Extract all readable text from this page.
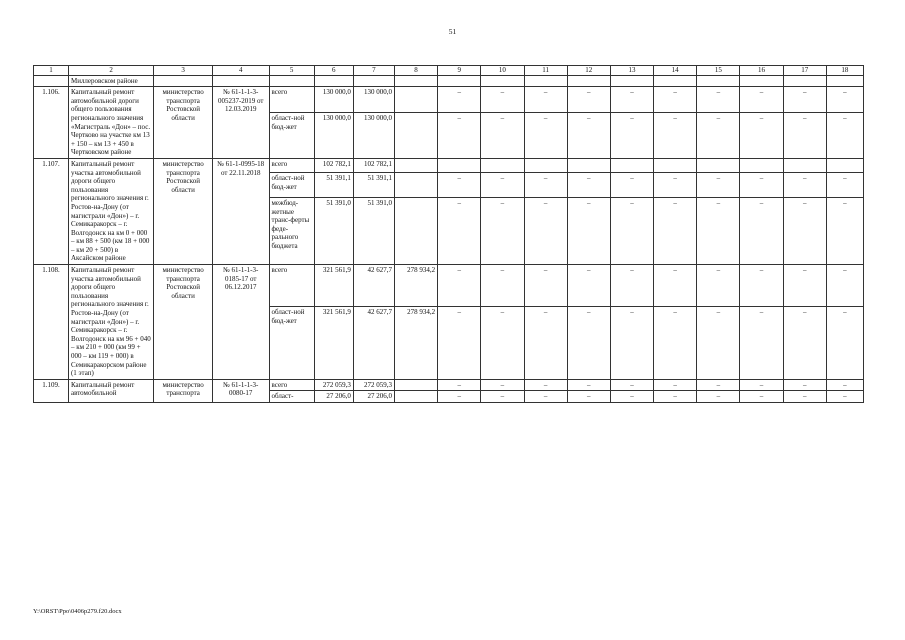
51
1	2	3	4	5	6	7	8	9	10	11	12	13	14	15	16	17	18
	Миллеровском районе																
1.106.	Капитальный ремонт автомобильной дороги общего пользования регионального значения «Магистраль «Дон» – пос. Чертково на участке км 13 + 150 – км 13 + 450 в Чертковском районе	министерство транспорта Ростовской области	№ 61-1-1-3-005237-2019 от 12.03.2019	всего	130 000,0	130 000,0		–	–	–	–	–	–	–	–	–	–
				област-ной бюд-жет	130 000,0	130 000,0		–	–	–	–	–	–	–	–	–	–
1.107.	Капитальный ремонт участка автомобильной дороги общего пользования регионального значения г. Ростов-на-Дону (от магистрали «Дон») – г. Семикаракорск – г. Волгодонск на км 0 + 000 – км 88 + 500 (км 18 + 000 – км 20 + 500) в Аксайском районе	министерство транспорта Ростовской области	№ 61-1-0995-18 от 22.11.2018	всего	102 782,1	102 782,1											
				област-ной бюд-жет	51 391,1	51 391,1		–	–	–	–	–	–	–	–	–	–
				межбюд-жетные транс-ферты феде-рального бюджета	51 391,0	51 391,0		–	–	–	–	–	–	–	–	–	–
1.108.	Капитальный ремонт участка автомобильной дороги общего пользования регионального значения г. Ростов-на-Дону (от магистрали «Дон») – г. Семикаракорск – г. Волгодонск на км 96 + 040 – км 210 + 000 (км 99 + 000 – км 119 + 000) в Семикаракорском районе (1 этап)	министерство транспорта Ростовской области	№ 61-1-1-3-0185-17 от 06.12.2017	всего	321 561,9	42 627,7	278 934,2	–	–	–	–	–	–	–	–	–	–
				област-ной бюд-жет	321 561,9	42 627,7	278 934,2	–	–	–	–	–	–	–	–	–	–
1.109.	Капитальный ремонт автомобильной	министерство транспорта	№ 61-1-1-3-0080-17	всего	272 059,3	272 059,3		–	–	–	–	–	–	–	–	–	–
				област-	27 206,0	27 206,0		–	–	–	–	–	–	–	–	–	–
Y:\ORST\Ppo\0406p279.f20.docx
